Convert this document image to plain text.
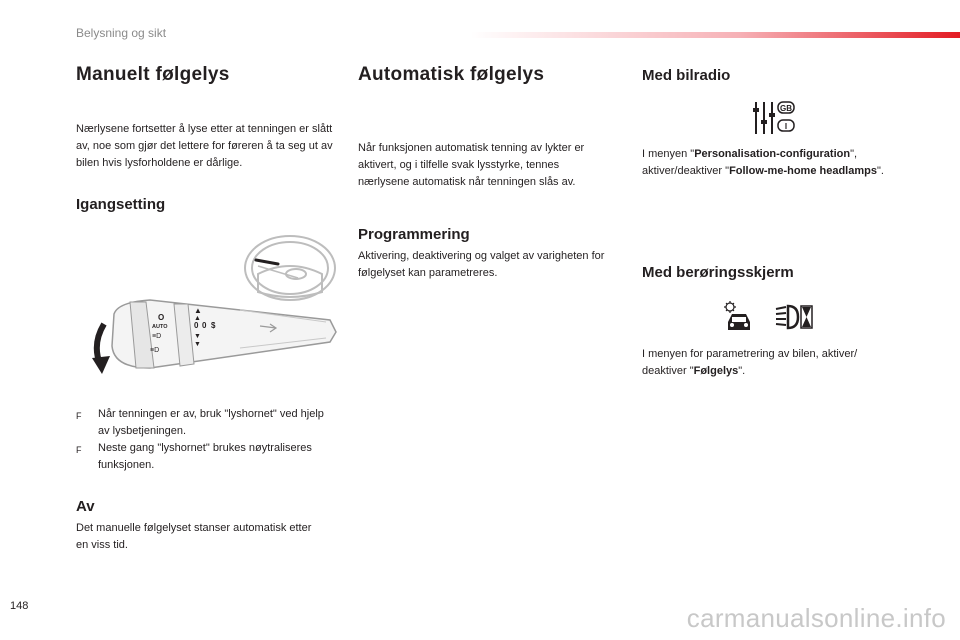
Belysning og sikt
Manuelt følgelys
Nærlysene fortsetter å lyse etter at tenningen er slått av, noe som gjør det lettere for føreren å ta seg ut av bilen hvis lysforholdene er dårlige.
Igangsetting
O
AUTO
≡D
≡D
0 0 $
▲
▲
▼
▼
F	Når tenningen er av, bruk "lyshornet" ved hjelp av lysbetjeningen.
F	Neste gang "lyshornet" brukes nøytraliseres funksjonen.
Av
Det manuelle følgelyset stanser automatisk etter en viss tid.
Automatisk følgelys
Når funksjonen automatisk tenning av lykter er aktivert, og i tilfelle svak lysstyrke, tennes nærlysene automatisk når tenningen slås av.
Programmering
Aktivering, deaktivering og valget av varigheten for følgelyset kan parametreres.
Med bilradio
GB
I
I menyen "Personalisation-configuration", aktiver/deaktiver "Follow-me-home headlamps".
Med berøringsskjerm
I menyen for parametrering av bilen, aktiver/ deaktiver "Følgelys".
148	carmanualsonline.info
